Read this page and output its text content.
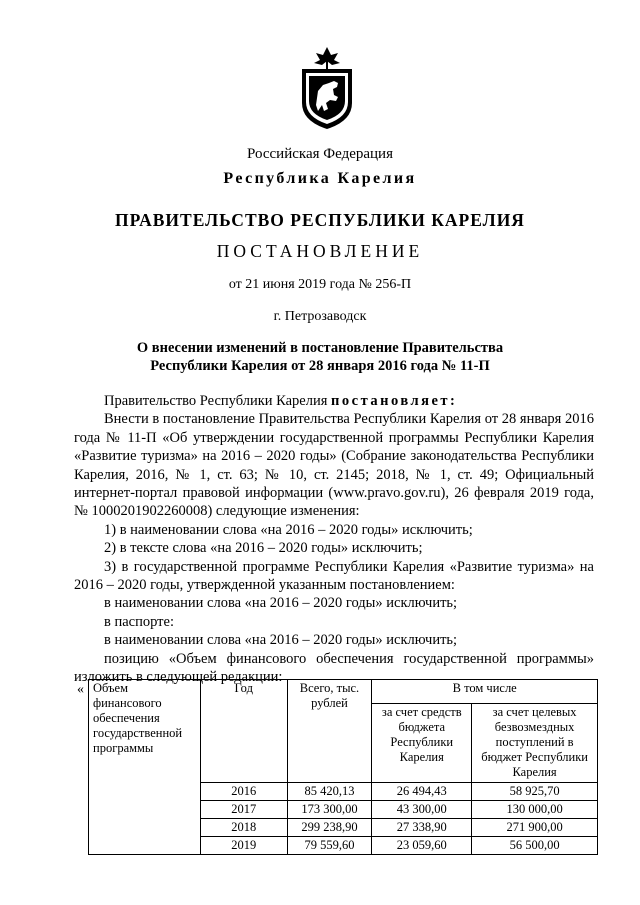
Российская Федерация
Республика Карелия
ПРАВИТЕЛЬСТВО РЕСПУБЛИКИ КАРЕЛИЯ
ПОСТАНОВЛЕНИЕ
от 21 июня 2019 года № 256-П
г. Петрозаводск
О внесении изменений в постановление Правительства
Республики Карелия от 28 января 2016 года № 11-П

Правительство Республики Карелия постановляет:

Внести в постановление Правительства Республики Карелия от 28 января 2016 года № 11-П «Об утверждении государственной программы Республики Карелия «Развитие туризма» на 2016 – 2020 годы» (Собрание законодательства Республики Карелия, 2016, № 1, ст. 63; № 10, ст. 2145; 2018, № 1, ст. 49; Официальный интернет-портал правовой информации (www.pravo.gov.ru), 26 февраля 2019 года, № 1000201902260008) следующие изменения:

1) в наименовании слова «на 2016 – 2020 годы» исключить;

2) в тексте слова «на 2016 – 2020 годы» исключить;

3) в государственной программе Республики Карелия «Развитие туризма» на 2016 – 2020 годы, утвержденной указанным постановлением:

в наименовании слова «на 2016 – 2020 годы» исключить;

в паспорте:

в наименовании слова «на 2016 – 2020 годы» исключить;

позицию «Объем финансового обеспечения государственной программы» изложить в следующей редакции:

« Объем финансового обеспечения государственной программы	Год	Всего, тыс. рублей	В том числе	
			за счет средств бюджета Республики Карелия	за счет целевых безвозмездных поступлений в бюджет Республики Карелия
	2016	85 420,13	26 494,43	58 925,70
	2017	173 300,00	43 300,00	130 000,00
	2018	299 238,90	27 338,90	271 900,00
	2019	79 559,60	23 059,60	56 500,00
